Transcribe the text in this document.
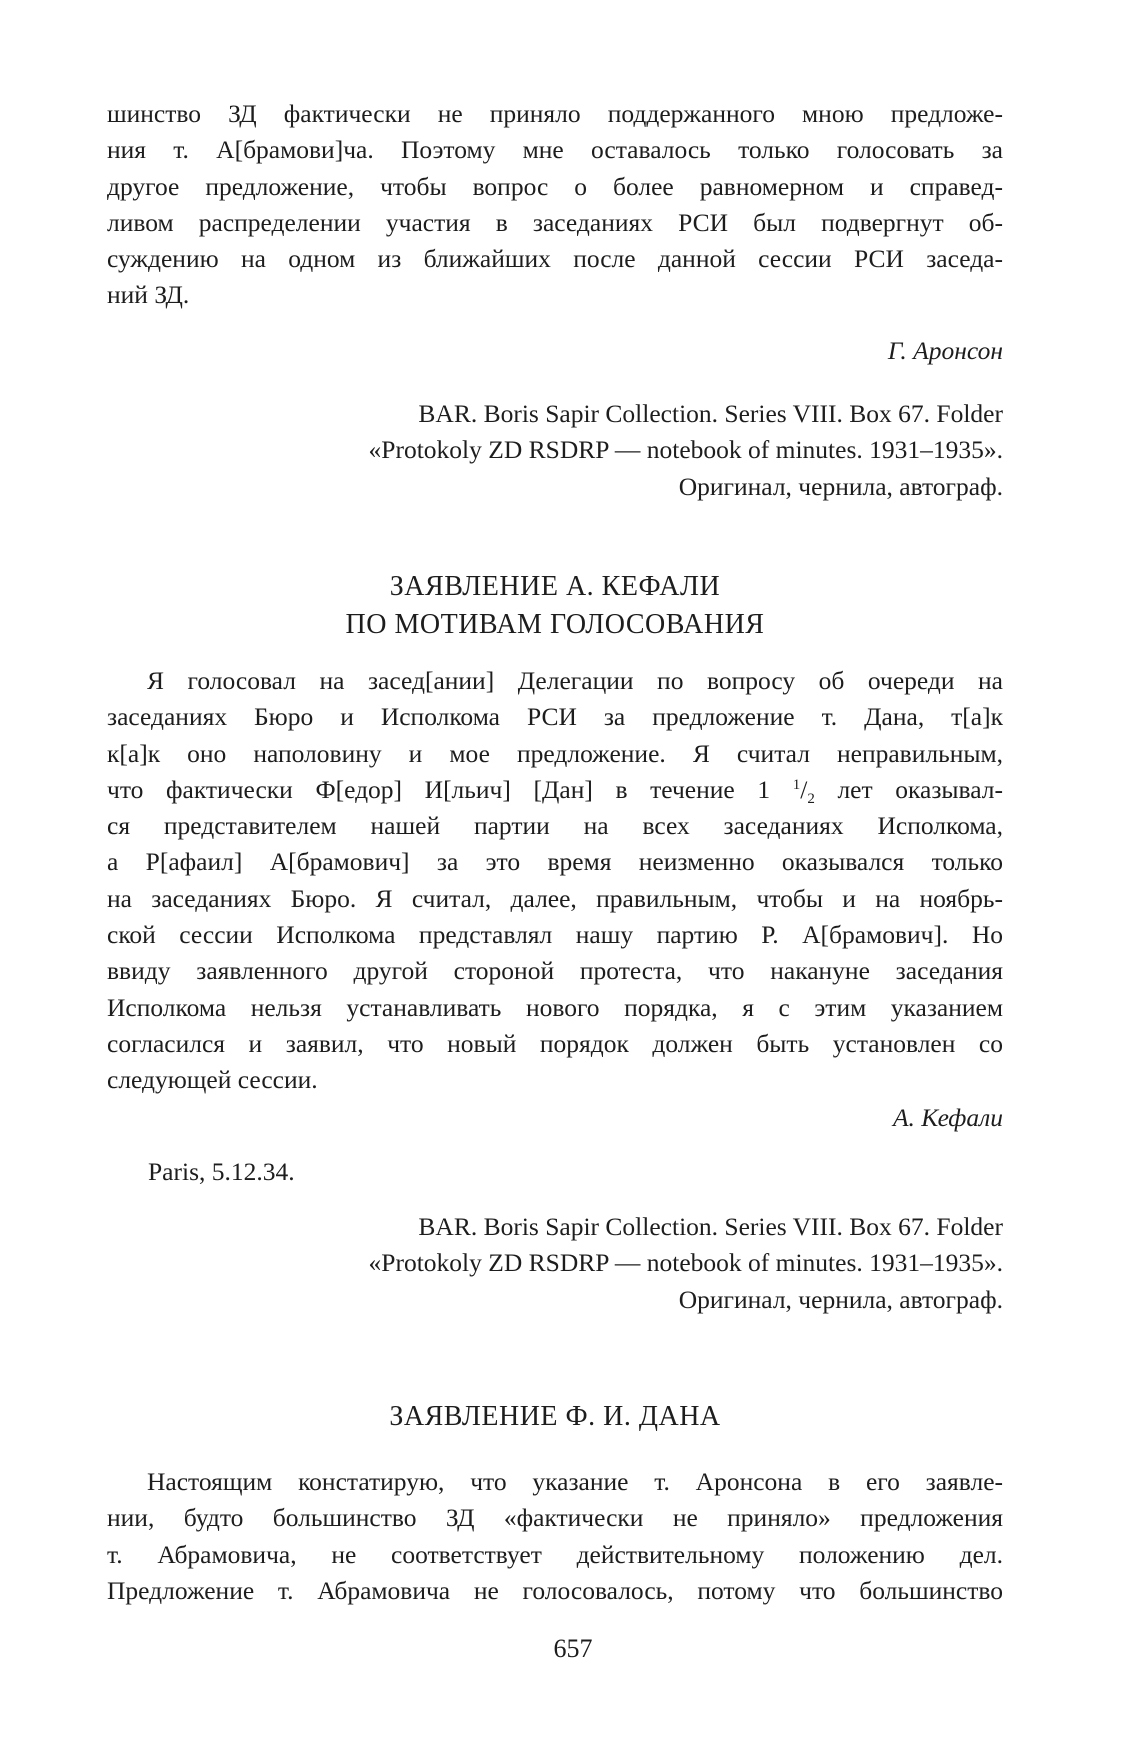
шинство ЗД фактически не приняло поддержанного мною предложе-
ния т. А[брамови]ча. Поэтому мне оставалось только голосовать за
другое предложение, чтобы вопрос о более равномерном и справед-
ливом распределении участия в заседаниях РСИ был подвергнут об-
суждению на одном из ближайших после данной сессии РСИ заседа-
ний ЗД.

Г. Аронсон
BAR. Boris Sapir Collection. Series VIII. Box 67. Folder
«Protokoly ZD RSDRP — notebook of minutes. 1931–1935».
Оригинал, чернила, автограф.
ЗАЯВЛЕНИЕ А. КЕФАЛИ
ПО МОТИВАМ ГОЛОСОВАНИЯ

Я голосовал на засед[ании] Делегации по вопросу об очереди на
заседаниях Бюро и Исполкома РСИ за предложение т. Дана, т[а]к
к[а]к оно наполовину и мое предложение. Я считал неправильным,
что фактически Ф[едор] И[льич] [Дан] в течение 1 $^1/_2$ лет оказывал-
ся представителем нашей партии на всех заседаниях Исполкома,
а Р[афаил] А[брамович] за это время неизменно оказывался только
на заседаниях Бюро. Я считал, далее, правильным, чтобы и на ноябрь-
ской сессии Исполкома представлял нашу партию Р. А[брамович]. Но
ввиду заявленного другой стороной протеста, что накануне заседания
Исполкома нельзя устанавливать нового порядка, я с этим указанием
согласился и заявил, что новый порядок должен быть установлен со
следующей сессии.

А. Кефали
Paris, 5.12.34.
BAR. Boris Sapir Collection. Series VIII. Box 67. Folder
«Protokoly ZD RSDRP — notebook of minutes. 1931–1935».
Оригинал, чернила, автограф.
ЗАЯВЛЕНИЕ Ф. И. ДАНА

Настоящим констатирую, что указание т. Аронсона в его заявле-
нии, будто большинство ЗД «фактически не приняло» предложения
т. Абрамовича, не соответствует действительному положению дел.
Предложение т. Абрамовича не голосовалось, потому что большинство

657
